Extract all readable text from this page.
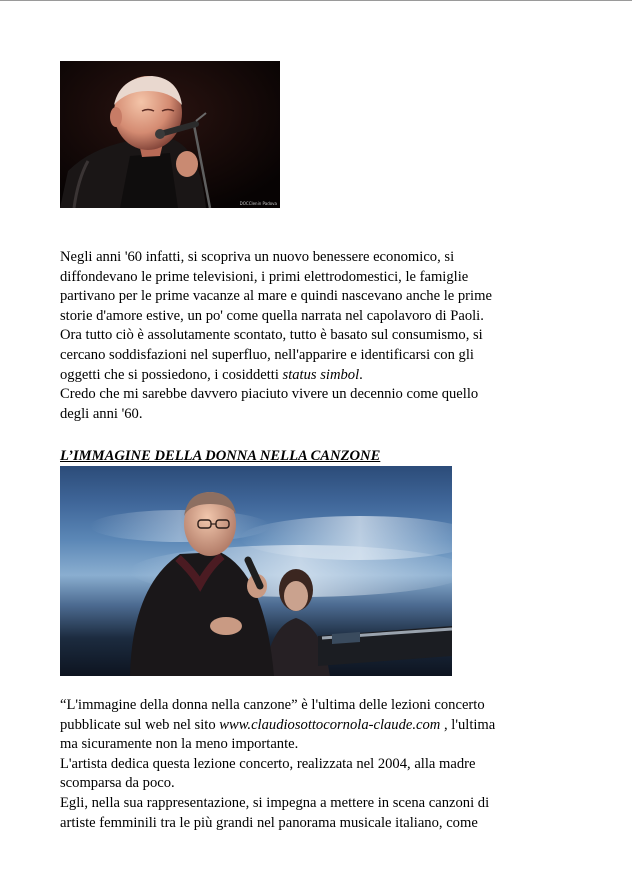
DOCClenin Padova
Negli anni '60 infatti, si scopriva un nuovo benessere economico, si
diffondevano le prime televisioni, i primi elettrodomestici, le famiglie
partivano per le prime vacanze al mare e quindi nascevano anche le prime
storie d'amore estive, un po' come quella narrata nel capolavoro di Paoli.
Ora tutto ciò è assolutamente scontato, tutto è basato sul consumismo, si
cercano soddisfazioni nel superfluo, nell'apparire e identificarsi con gli
oggetti che si possiedono, i cosiddetti status simbol.
Credo che mi sarebbe davvero piaciuto vivere un decennio come quello
degli anni '60.
L’IMMAGINE DELLA DONNA NELLA CANZONE
“L'immagine della donna nella canzone” è l'ultima delle lezioni concerto
pubblicate sul web nel sito www.claudiosottocornola-claude.com , l'ultima
ma sicuramente non la meno importante.
L'artista dedica questa lezione concerto, realizzata nel 2004, alla madre
scomparsa da poco.
Egli, nella sua rappresentazione, si impegna a mettere in scena canzoni di
artiste femminili tra le più grandi nel panorama musicale italiano, come
